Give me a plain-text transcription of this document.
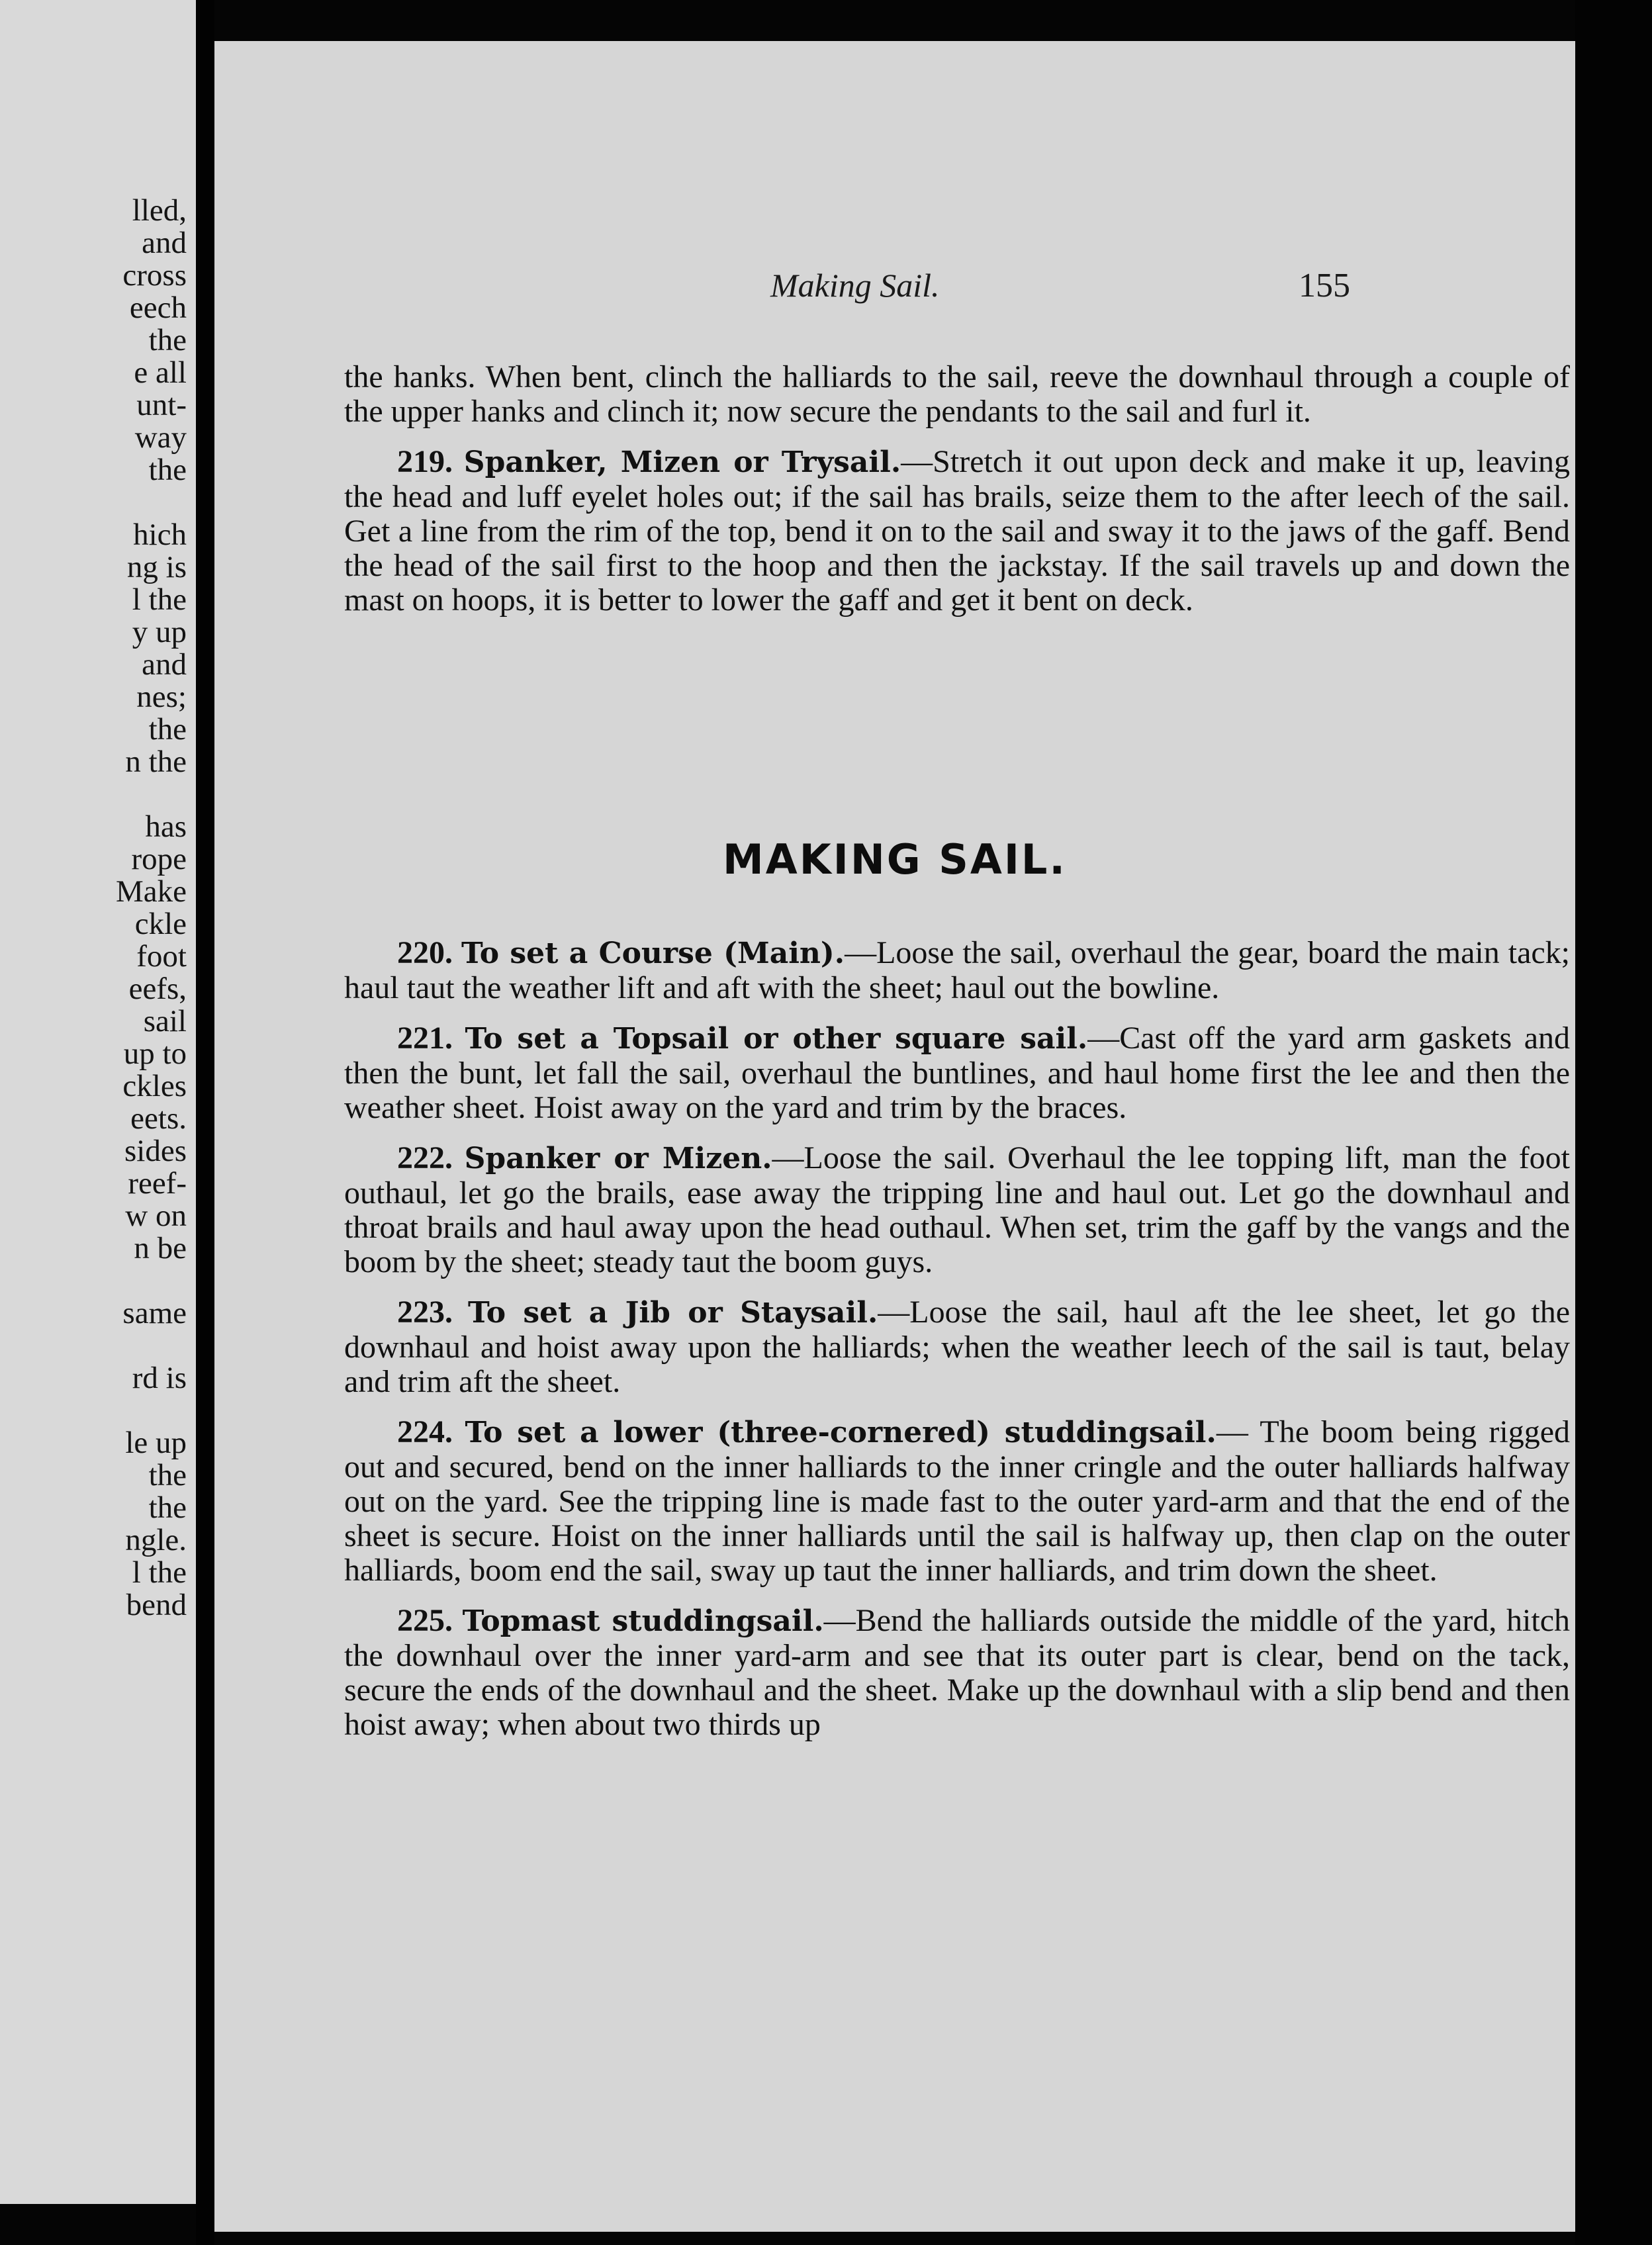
lled,
and
cross
eech
the
e all
unt-
way
the
hich
ng is
l the
y up
and
nes;
the
n the
has
rope
Make
ckle
foot
eefs,
sail
up to
ckles
eets.
sides
reef-
w on
n be
same
rd is
le up
the
the
ngle.
l the
bend
Making Sail.	155

the hanks. When bent, clinch the halliards to the sail, reeve the downhaul through a couple of the upper hanks and clinch it; now secure the pendants to the sail and furl it.

219. Spanker, Mizen or Trysail.—Stretch it out upon deck and make it up, leaving the head and luff eyelet holes out; if the sail has brails, seize them to the after leech of the sail. Get a line from the rim of the top, bend it on to the sail and sway it to the jaws of the gaff. Bend the head of the sail first to the hoop and then the jackstay. If the sail travels up and down the mast on hoops, it is better to lower the gaff and get it bent on deck.

MAKING SAIL.

220. To set a Course (Main).—Loose the sail, overhaul the gear, board the main tack; haul taut the weather lift and aft with the sheet; haul out the bowline.

221. To set a Topsail or other square sail.—Cast off the yard arm gaskets and then the bunt, let fall the sail, overhaul the buntlines, and haul home first the lee and then the weather sheet. Hoist away on the yard and trim by the braces.

222. Spanker or Mizen.—Loose the sail. Overhaul the lee topping lift, man the foot outhaul, let go the brails, ease away the tripping line and haul out. Let go the downhaul and throat brails and haul away upon the head outhaul. When set, trim the gaff by the vangs and the boom by the sheet; steady taut the boom guys.

223. To set a Jib or Staysail.—Loose the sail, haul aft the lee sheet, let go the downhaul and hoist away upon the halliards; when the weather leech of the sail is taut, belay and trim aft the sheet.

224. To set a lower (three-cornered) studdingsail.— The boom being rigged out and secured, bend on the inner halliards to the inner cringle and the outer halliards halfway out on the yard. See the tripping line is made fast to the outer yard-arm and that the end of the sheet is secure. Hoist on the inner halliards until the sail is halfway up, then clap on the outer halliards, boom end the sail, sway up taut the inner halliards, and trim down the sheet.

225. Topmast studdingsail.—Bend the halliards outside the middle of the yard, hitch the downhaul over the inner yard-arm and see that its outer part is clear, bend on the tack, secure the ends of the downhaul and the sheet. Make up the downhaul with a slip bend and then hoist away; when about two thirds up
